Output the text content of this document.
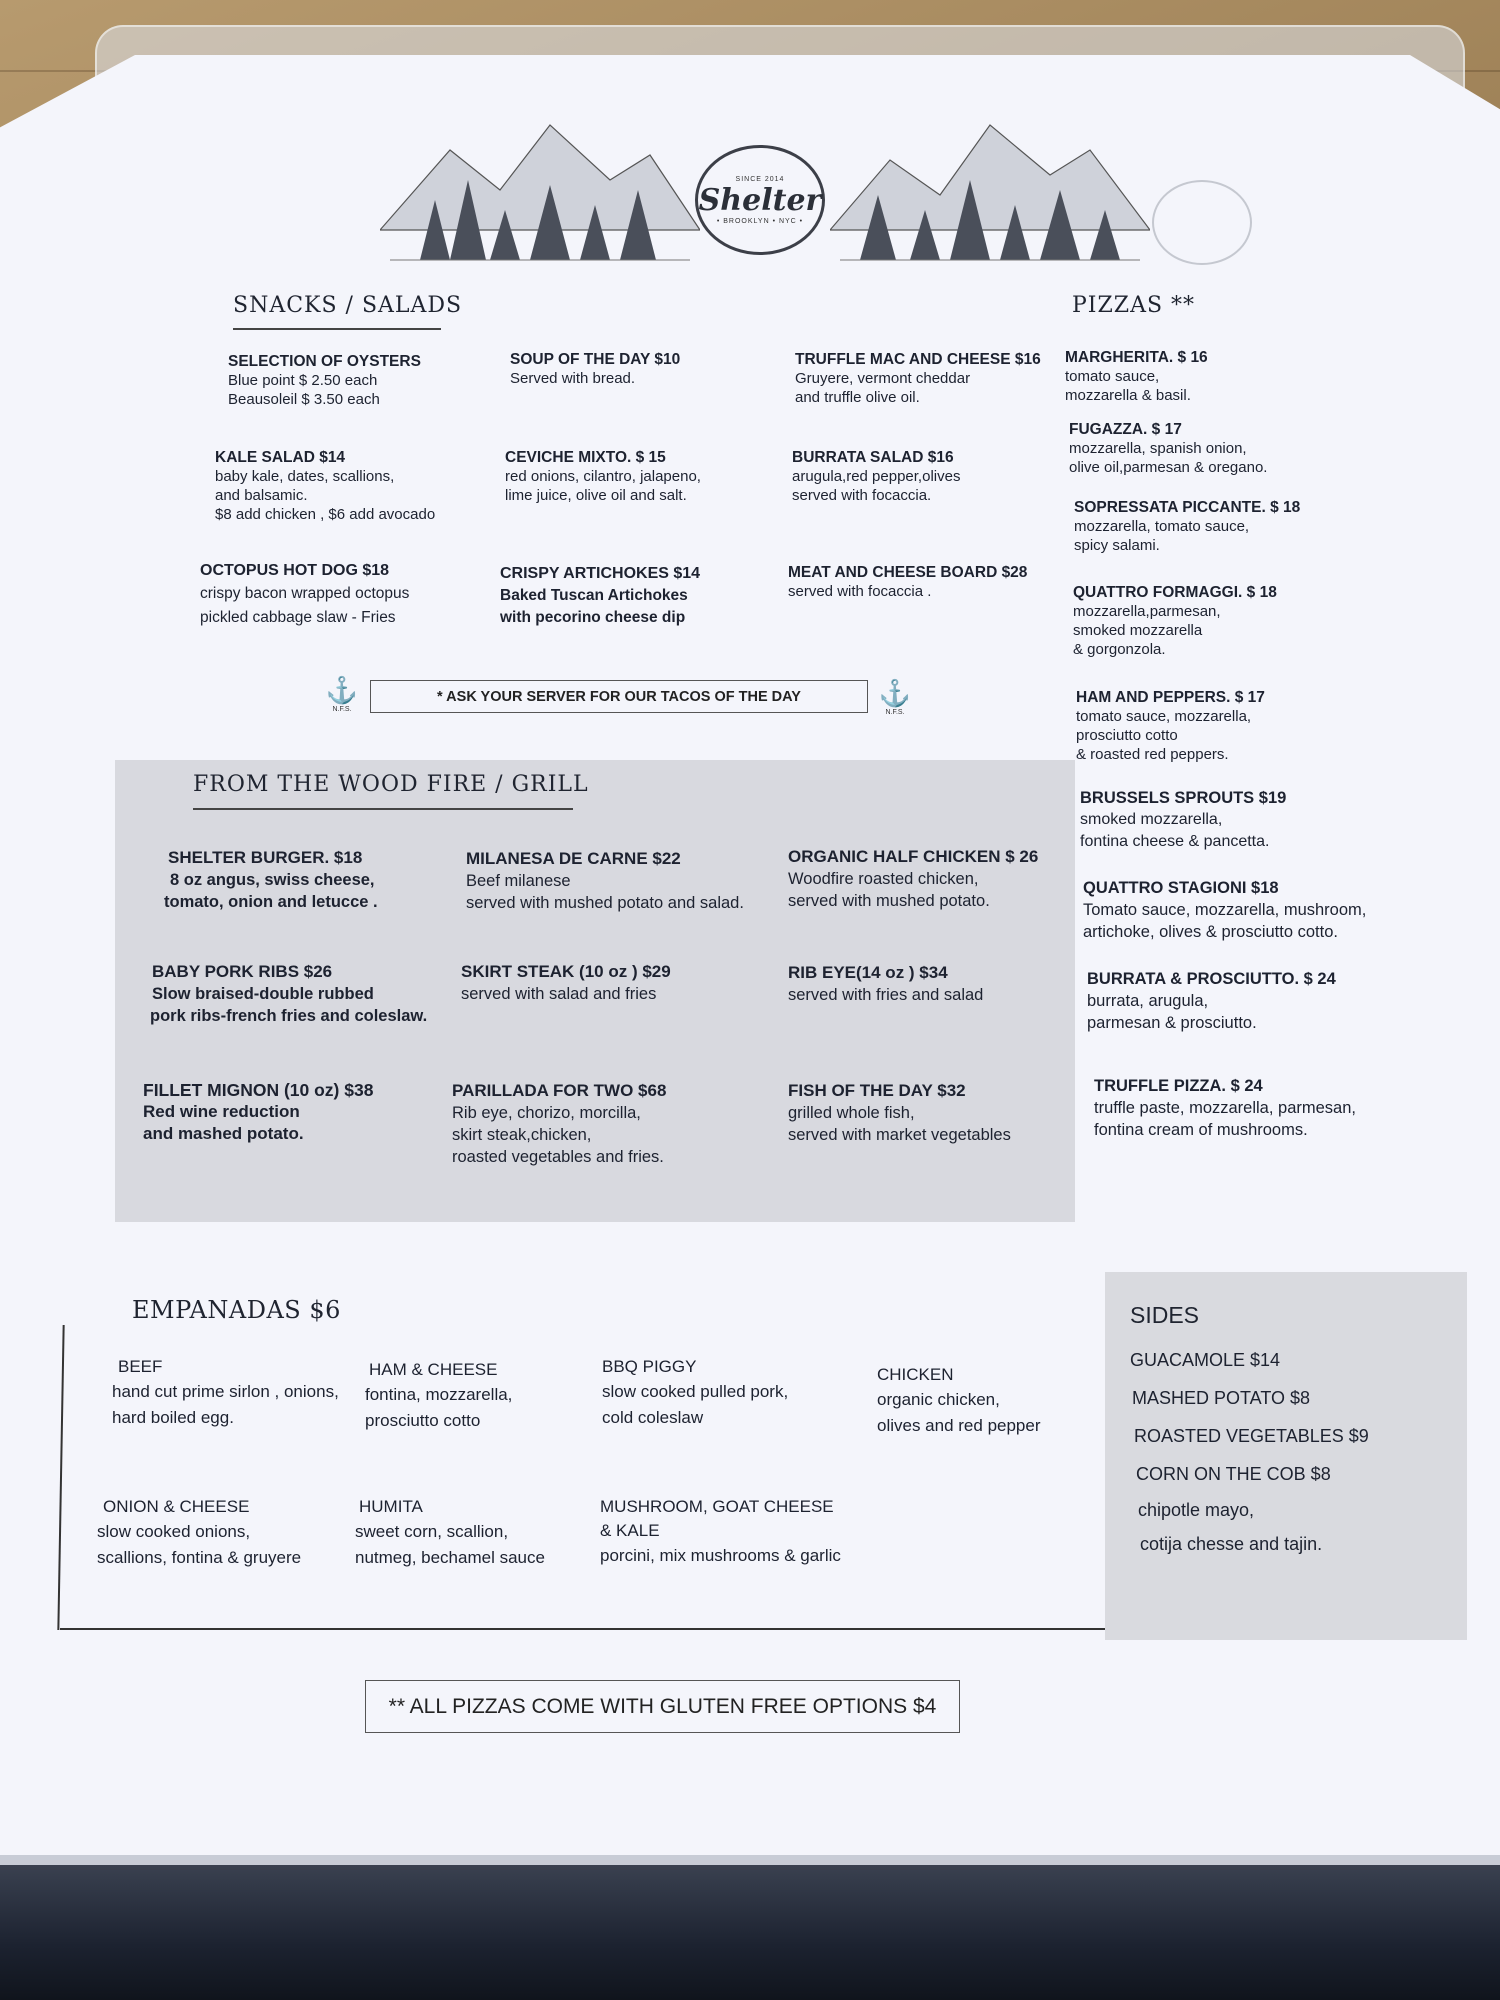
SINCE 2014
Shelter
• BROOKLYN • NYC •
SNACKS / SALADS
SELECTION OF OYSTERS
Blue point $ 2.50 each
Beausoleil $ 3.50 each
SOUP OF THE DAY $10
Served with bread.
TRUFFLE MAC AND CHEESE $16
Gruyere, vermont cheddar
and truffle olive oil.
KALE SALAD $14
baby kale, dates, scallions,
and balsamic.
$8 add chicken , $6 add avocado
CEVICHE MIXTO. $ 15
red onions, cilantro, jalapeno,
lime juice, olive oil and salt.
BURRATA SALAD $16
arugula,red pepper,olives
served with focaccia.
OCTOPUS HOT DOG $18
crispy bacon wrapped octopus
pickled cabbage slaw - Fries
CRISPY ARTICHOKES $14
Baked Tuscan Artichokes
with pecorino cheese dip
MEAT AND CHEESE BOARD $28
served with focaccia .
⚓
N.F.S.
* ASK YOUR SERVER FOR OUR TACOS OF THE DAY	⚓
N.F.S.
FROM THE WOOD FIRE / GRILL
SHELTER BURGER. $18
8 oz angus, swiss cheese,
tomato, onion and letucce .
MILANESA DE CARNE $22
Beef milanese
served with mushed potato and salad.
ORGANIC HALF CHICKEN $ 26
Woodfire roasted chicken,
served with mushed potato.
BABY PORK RIBS $26
Slow braised-double rubbed
pork ribs-french fries and coleslaw.
SKIRT STEAK (10 oz ) $29
served with salad and fries
RIB EYE(14 oz ) $34
served with fries and salad
FILLET MIGNON (10 oz) $38
Red wine reduction
and mashed potato.
PARILLADA FOR TWO $68
Rib eye, chorizo, morcilla,
skirt steak,chicken,
roasted vegetables and fries.
FISH OF THE DAY $32
grilled whole fish,
served with market vegetables
PIZZAS **
MARGHERITA. $ 16
tomato sauce,
mozzarella & basil.
FUGAZZA. $ 17
mozzarella, spanish onion,
olive oil,parmesan & oregano.
SOPRESSATA PICCANTE. $ 18
mozzarella, tomato sauce,
spicy salami.
QUATTRO FORMAGGI. $ 18
mozzarella,parmesan,
smoked mozzarella
& gorgonzola.
HAM AND PEPPERS. $ 17
tomato sauce, mozzarella,
prosciutto cotto
& roasted red peppers.
BRUSSELS SPROUTS $19
smoked mozzarella,
fontina cheese & pancetta.
QUATTRO STAGIONI $18
Tomato sauce, mozzarella, mushroom,
artichoke, olives & prosciutto cotto.
BURRATA & PROSCIUTTO. $ 24
burrata, arugula,
parmesan & prosciutto.
TRUFFLE PIZZA. $ 24
truffle paste, mozzarella, parmesan,
fontina cream of mushrooms.
EMPANADAS $6
BEEF
hand cut prime sirlon , onions,
hard boiled egg.
HAM & CHEESE
fontina, mozzarella,
prosciutto cotto
BBQ PIGGY
slow cooked pulled pork,
cold coleslaw
CHICKEN
organic chicken,
olives and red pepper
ONION & CHEESE
slow cooked onions,
scallions, fontina & gruyere
HUMITA
sweet corn, scallion,
nutmeg, bechamel sauce
MUSHROOM, GOAT CHEESE
& KALE
porcini, mix mushrooms & garlic
SIDES
GUACAMOLE $14
MASHED POTATO $8
ROASTED VEGETABLES $9
CORN ON THE COB $8
chipotle mayo,
cotija chesse and tajin.
** ALL PIZZAS COME WITH GLUTEN FREE OPTIONS $4
